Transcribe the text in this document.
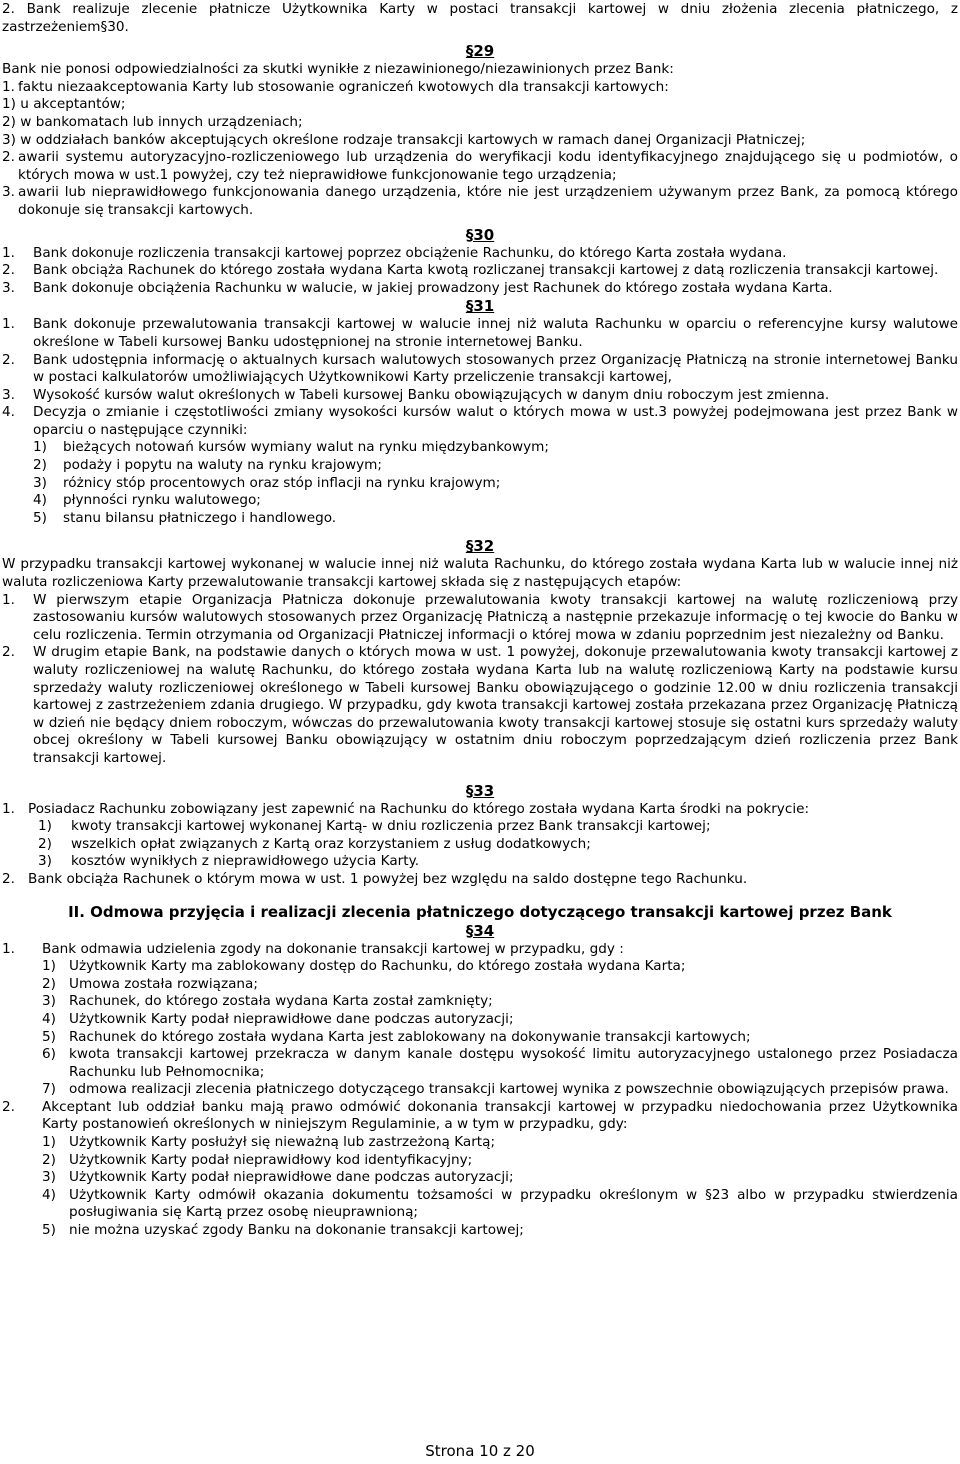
2. Bank realizuje zlecenie płatnicze Użytkownika Karty w postaci transakcji kartowej w dniu złożenia zlecenia płatniczego, z zastrzeżeniem§30.

§29

Bank nie ponosi odpowiedzialności za skutki wynikłe z niezawinionego/niezawinionych przez Bank:

1. faktu niezaakceptowania Karty lub stosowanie ograniczeń kwotowych dla transakcji kartowych:

1) u akceptantów;

2) w bankomatach lub innych urządzeniach;

3) w oddziałach banków akceptujących określone rodzaje transakcji kartowych w ramach danej Organizacji Płatniczej;

2. awarii systemu autoryzacyjno-rozliczeniowego lub urządzenia do weryfikacji kodu identyfikacyjnego znajdującego się u podmiotów, o których mowa w ust.1 powyżej, czy też nieprawidłowe funkcjonowanie tego urządzenia;
3. awarii lub nieprawidłowego funkcjonowania danego urządzenia, które nie jest urządzeniem używanym przez Bank, za pomocą którego dokonuje się transakcji kartowych.
§30
1.	Bank dokonuje rozliczenia transakcji kartowej poprzez obciążenie Rachunku, do którego Karta została wydana.
2.	Bank obciąża Rachunek do którego została wydana Karta kwotą rozliczanej transakcji kartowej z datą rozliczenia transakcji kartowej.
3.	Bank dokonuje obciążenia Rachunku w walucie, w jakiej prowadzony jest Rachunek do którego została wydana Karta.
§31
1.	Bank dokonuje przewalutowania transakcji kartowej w walucie innej niż waluta Rachunku w oparciu o referencyjne kursy walutowe określone w Tabeli kursowej Banku udostępnionej na stronie internetowej Banku.
2.	Bank udostępnia informację o aktualnych kursach walutowych stosowanych przez Organizację Płatniczą na stronie internetowej Banku w postaci kalkulatorów umożliwiających Użytkownikowi Karty przeliczenie transakcji kartowej,
3.	Wysokość kursów walut określonych w Tabeli kursowej Banku obowiązujących w danym dniu roboczym jest zmienna.
4.	Decyzja o zmianie i częstotliwości zmiany wysokości kursów walut o których mowa w ust.3 powyżej podejmowana jest przez Bank w oparciu o następujące czynniki:
1)	bieżących notowań kursów wymiany walut na rynku międzybankowym;
2)	podaży i popytu na waluty na rynku krajowym;
3)	różnicy stóp procentowych oraz stóp inflacji na rynku krajowym;
4)	płynności rynku walutowego;
5)	stanu bilansu płatniczego i handlowego.
§32

W przypadku transakcji kartowej wykonanej w walucie innej niż waluta Rachunku, do którego została wydana Karta lub w walucie innej niż waluta rozliczeniowa Karty przewalutowanie transakcji kartowej składa się z następujących etapów:

1.	W pierwszym etapie Organizacja Płatnicza dokonuje przewalutowania kwoty transakcji kartowej na walutę rozliczeniową przy zastosowaniu kursów walutowych stosowanych przez Organizację Płatniczą a następnie przekazuje informację o tej kwocie do Banku w celu rozliczenia. Termin otrzymania od Organizacji Płatniczej informacji o której mowa w zdaniu poprzednim jest niezależny od Banku.
2.	W drugim etapie Bank, na podstawie danych o których mowa w ust. 1 powyżej, dokonuje przewalutowania kwoty transakcji kartowej z waluty rozliczeniowej na walutę Rachunku, do którego została wydana Karta lub na walutę rozliczeniową Karty na podstawie kursu sprzedaży waluty rozliczeniowej określonego w Tabeli kursowej Banku obowiązującego o godzinie 12.00 w dniu rozliczenia transakcji kartowej z zastrzeżeniem zdania drugiego. W przypadku, gdy kwota transakcji kartowej została przekazana przez Organizację Płatniczą w dzień nie będący dniem roboczym, wówczas do przewalutowania kwoty transakcji kartowej stosuje się ostatni kurs sprzedaży waluty obcej określony w Tabeli kursowej Banku obowiązujący w ostatnim dniu roboczym poprzedzającym dzień rozliczenia przez Bank transakcji kartowej.
§33
1. Posiadacz Rachunku zobowiązany jest zapewnić na Rachunku do którego została wydana Karta środki na pokrycie:
1)	kwoty transakcji kartowej wykonanej Kartą- w dniu rozliczenia przez Bank transakcji kartowej;
2)	wszelkich opłat związanych z Kartą oraz korzystaniem z usług dodatkowych;
3)	kosztów wynikłych z nieprawidłowego użycia Karty.
2. Bank obciąża Rachunek o którym mowa w ust. 1 powyżej bez względu na saldo dostępne tego Rachunku.
II. Odmowa przyjęcia i realizacji zlecenia płatniczego dotyczącego transakcji kartowej przez Bank
§34
1.	Bank odmawia udzielenia zgody na dokonanie transakcji kartowej w przypadku, gdy :
1) Użytkownik Karty ma zablokowany dostęp do Rachunku, do którego została wydana Karta;
2) Umowa została rozwiązana;
3) Rachunek, do którego została wydana Karta został zamknięty;
4) Użytkownik Karty podał nieprawidłowe dane podczas autoryzacji;
5) Rachunek do którego została wydana Karta jest zablokowany na dokonywanie transakcji kartowych;
6) kwota transakcji kartowej przekracza w danym kanale dostępu wysokość limitu autoryzacyjnego ustalonego przez Posiadacza Rachunku lub Pełnomocnika;
7) odmowa realizacji zlecenia płatniczego dotyczącego transakcji kartowej wynika z powszechnie obowiązujących przepisów prawa.
2.	Akceptant lub oddział banku mają prawo odmówić dokonania transakcji kartowej w przypadku niedochowania przez Użytkownika Karty postanowień określonych w niniejszym Regulaminie, a w tym w przypadku, gdy:
1) Użytkownik Karty posłużył się nieważną lub zastrzeżoną Kartą;
2) Użytkownik Karty podał nieprawidłowy kod identyfikacyjny;
3) Użytkownik Karty podał nieprawidłowe dane podczas autoryzacji;
4) Użytkownik Karty odmówił okazania dokumentu tożsamości w przypadku określonym w §23 albo w przypadku stwierdzenia posługiwania się Kartą przez osobę nieuprawnioną;
5) nie można uzyskać zgody Banku na dokonanie transakcji kartowej;
Strona 10 z 20
